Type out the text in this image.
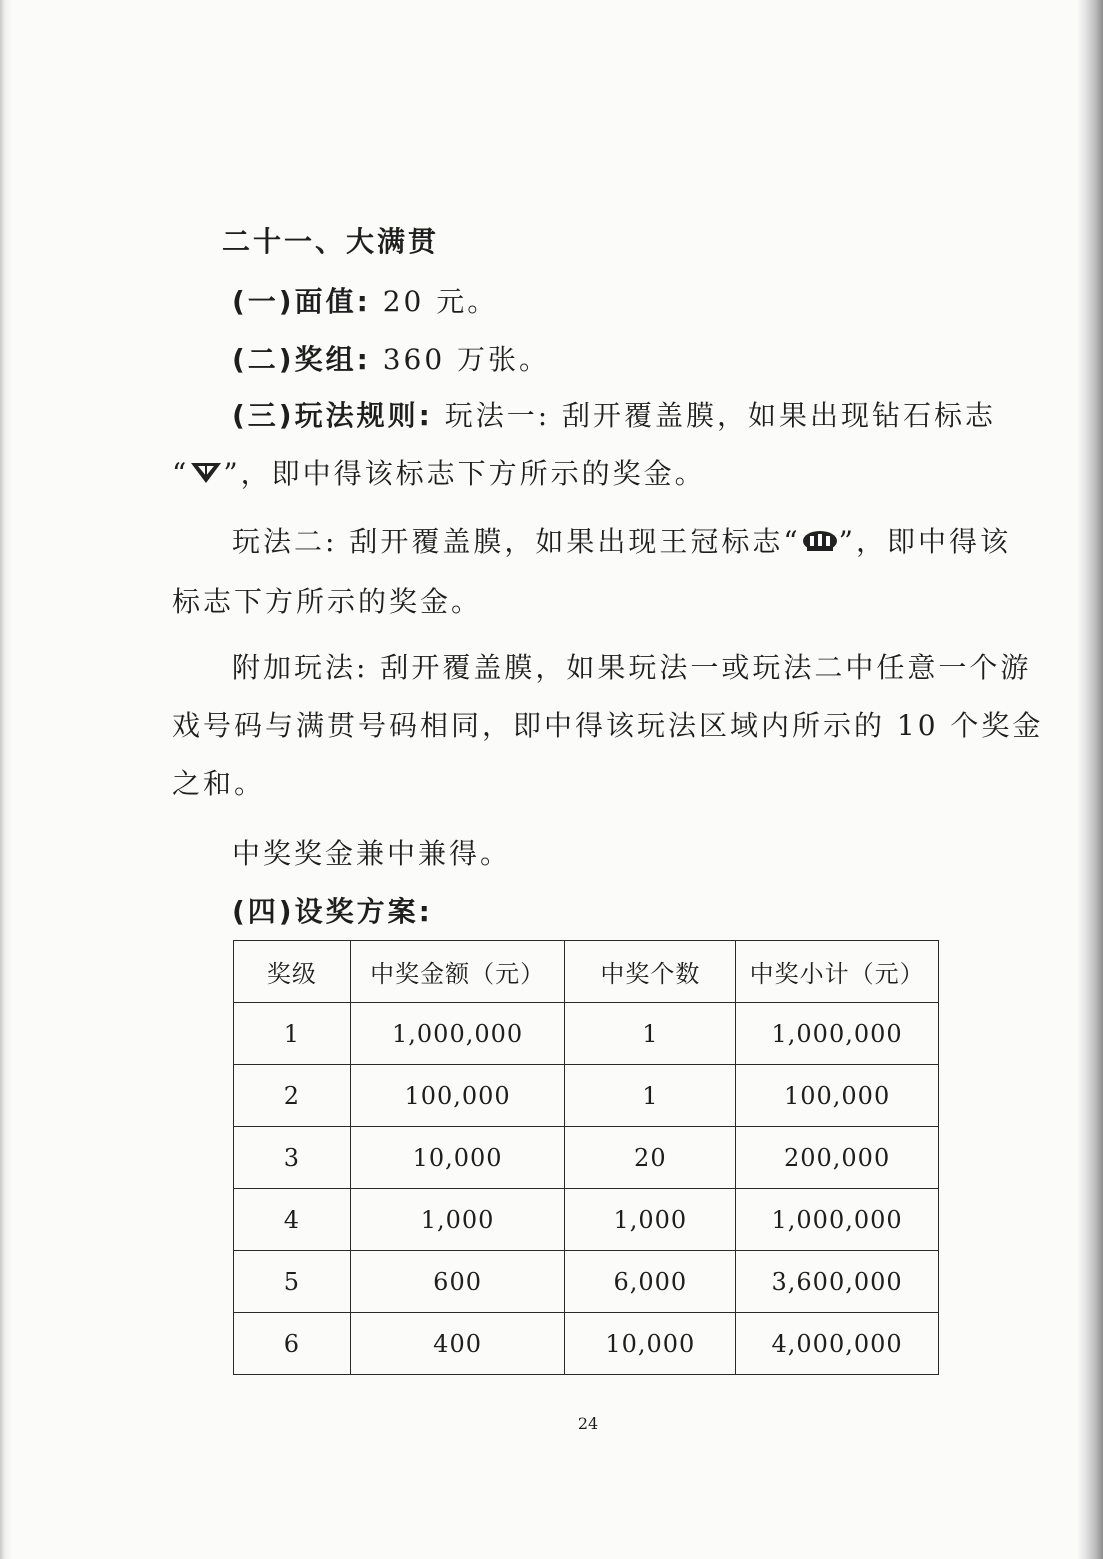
二十一、大满贯
(一)面值: 20 元。
(二)奖组: 360 万张。
(三)玩法规则: 玩法一: 刮开覆盖膜，如果出现钻石标志
“ ”，即中得该标志下方所示的奖金。
玩法二: 刮开覆盖膜，如果出现王冠标志“ ”，即中得该
标志下方所示的奖金。
附加玩法: 刮开覆盖膜，如果玩法一或玩法二中任意一个游
戏号码与满贯号码相同，即中得该玩法区域内所示的 10 个奖金
之和。
中奖奖金兼中兼得。
(四)设奖方案:
奖级	中奖金额（元）	中奖个数	中奖小计（元）
1	1,000,000	1	1,000,000
2	100,000	1	100,000
3	10,000	20	200,000
4	1,000	1,000	1,000,000
5	600	6,000	3,600,000
6	400	10,000	4,000,000
24
